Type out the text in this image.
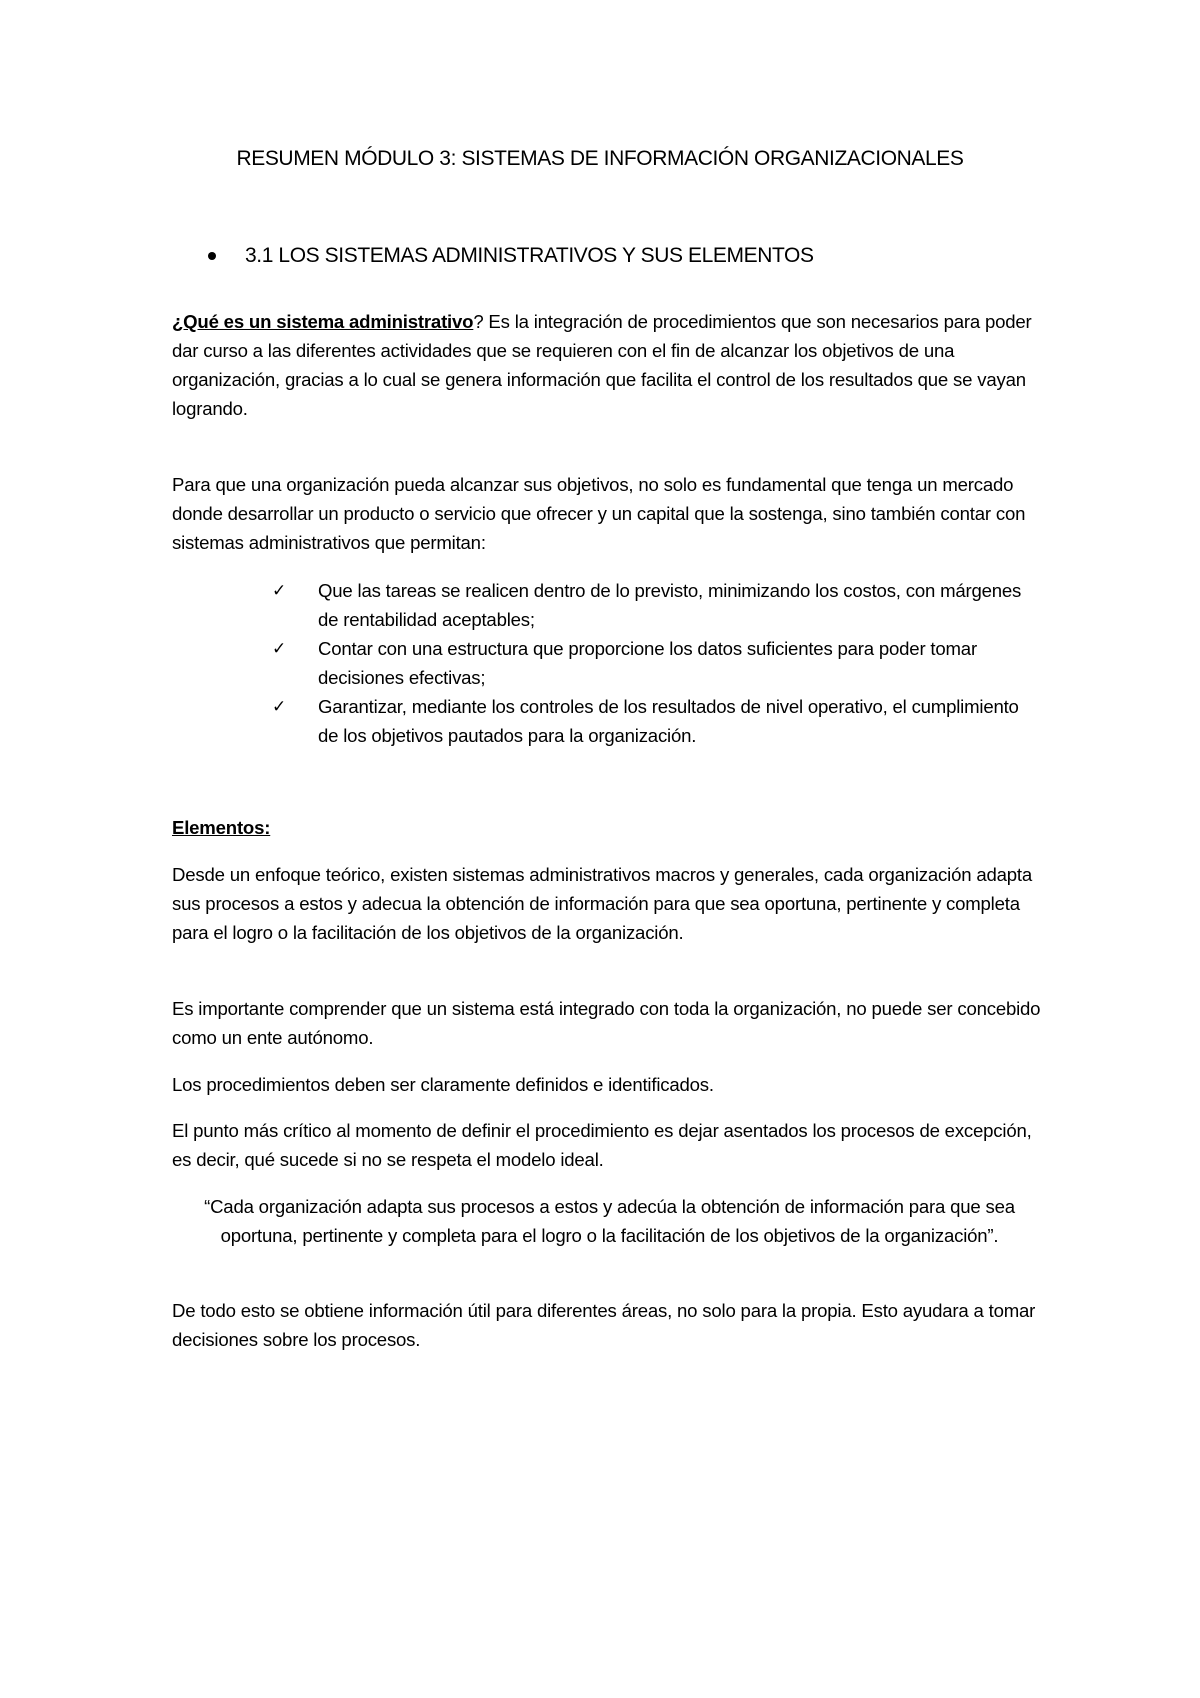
RESUMEN MÓDULO 3: SISTEMAS DE INFORMACIÓN ORGANIZACIONALES
3.1 LOS SISTEMAS ADMINISTRATIVOS Y SUS ELEMENTOS
¿Qué es un sistema administrativo? Es la integración de procedimientos que son necesarios para poder dar curso a las diferentes actividades que se requieren con el fin de alcanzar los objetivos de una organización, gracias a lo cual se genera información que facilita el control de los resultados que se vayan logrando.
Para que una organización pueda alcanzar sus objetivos, no solo es fundamental que tenga un mercado donde desarrollar un producto o servicio que ofrecer y un capital que la sostenga, sino también contar con sistemas administrativos que permitan:
✓ Que las tareas se realicen dentro de lo previsto, minimizando los costos, con márgenes de rentabilidad aceptables;
✓ Contar con una estructura que proporcione los datos suficientes para poder tomar decisiones efectivas;
✓ Garantizar, mediante los controles de los resultados de nivel operativo, el cumplimiento de los objetivos pautados para la organización.
Elementos:
Desde un enfoque teórico, existen sistemas administrativos macros y generales, cada organización adapta sus procesos a estos y adecua la obtención de información para que sea oportuna, pertinente y completa para el logro o la facilitación de los objetivos de la organización.
Es importante comprender que un sistema está integrado con toda la organización, no puede ser concebido como un ente autónomo.
Los procedimientos deben ser claramente definidos e identificados.
El punto más crítico al momento de definir el procedimiento es dejar asentados los procesos de excepción, es decir, qué sucede si no se respeta el modelo ideal.
“Cada organización adapta sus procesos a estos y adecúa la obtención de información para que sea oportuna, pertinente y completa para el logro o la facilitación de los objetivos de la organización”.
De todo esto se obtiene información útil para diferentes áreas, no solo para la propia. Esto ayudara a tomar decisiones sobre los procesos.
